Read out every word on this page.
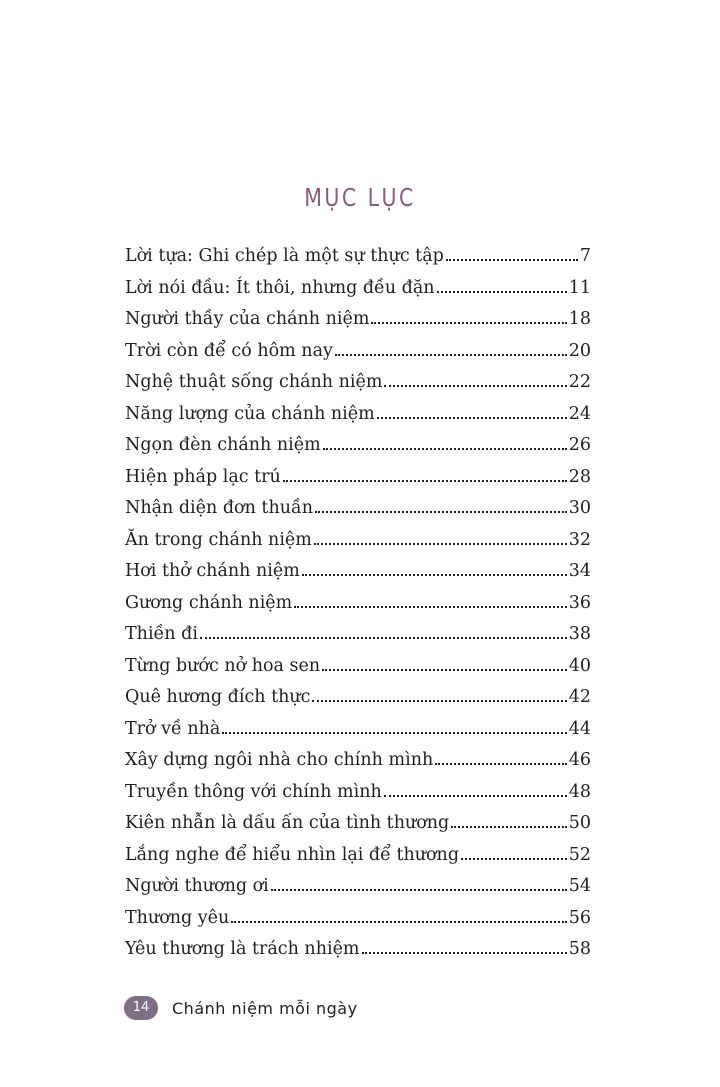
MỤC LỤC
Lời tựa: Ghi chép là một sự thực tập	7
Lời nói đầu: Ít thôi, nhưng đều đặn	11
Người thầy của chánh niệm	18
Trời còn để có hôm nay	20
Nghệ thuật sống chánh niệm	22
Năng lượng của chánh niệm	24
Ngọn đèn chánh niệm	26
Hiện pháp lạc trú	28
Nhận diện đơn thuần	30
Ăn trong chánh niệm	32
Hơi thở chánh niệm	34
Gương chánh niệm	36
Thiền đi	38
Từng bước nở hoa sen	40
Quê hương đích thực	42
Trở về nhà	44
Xây dựng ngôi nhà cho chính mình	46
Truyền thông với chính mình	48
Kiên nhẫn là dấu ấn của tình thương	50
Lắng nghe để hiểu nhìn lại để thương	52
Người thương ơi	54
Thương yêu	56
Yêu thương là trách nhiệm	58
14	Chánh niệm mỗi ngày
